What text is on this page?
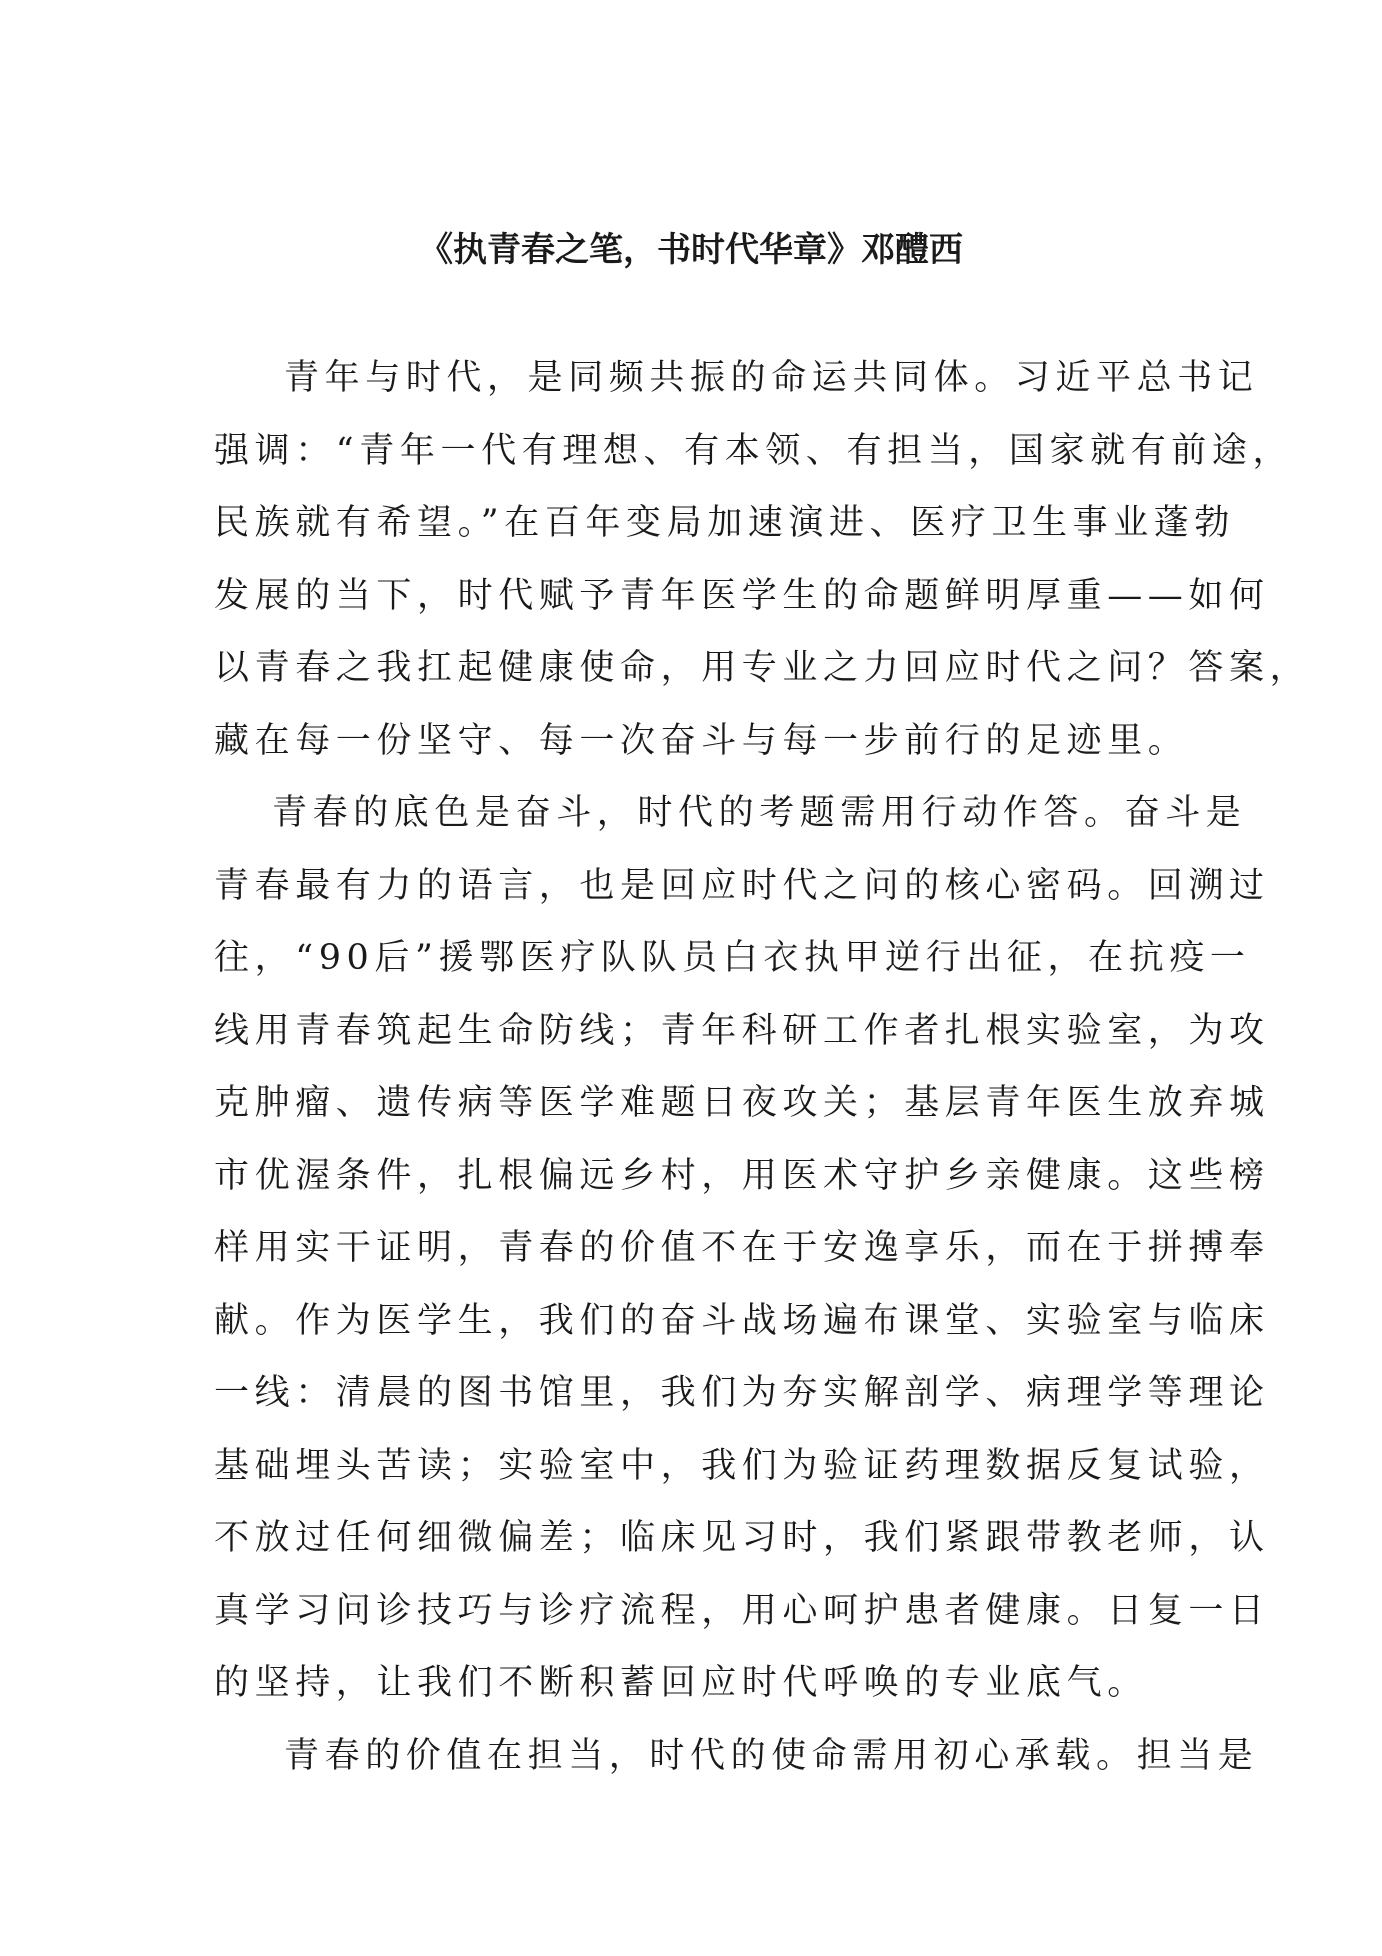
《执青春之笔，书时代华章》邓醴西
青年与时代，是同频共振的命运共同体。习近平总书记
强调：“青年一代有理想、有本领、有担当，国家就有前途，
民族就有希望。”在百年变局加速演进、医疗卫生事业蓬勃
发展的当下，时代赋予青年医学生的命题鲜明厚重——如何
以青春之我扛起健康使命，用专业之力回应时代之问？答案，
藏在每一份坚守、每一次奋斗与每一步前行的足迹里。
青春的底色是奋斗，时代的考题需用行动作答。奋斗是
青春最有力的语言，也是回应时代之问的核心密码。回溯过
往，“90后”援鄂医疗队队员白衣执甲逆行出征，在抗疫一
线用青春筑起生命防线；青年科研工作者扎根实验室，为攻
克肿瘤、遗传病等医学难题日夜攻关；基层青年医生放弃城
市优渥条件，扎根偏远乡村，用医术守护乡亲健康。这些榜
样用实干证明，青春的价值不在于安逸享乐，而在于拼搏奉
献。作为医学生，我们的奋斗战场遍布课堂、实验室与临床
一线：清晨的图书馆里，我们为夯实解剖学、病理学等理论
基础埋头苦读；实验室中，我们为验证药理数据反复试验，
不放过任何细微偏差；临床见习时，我们紧跟带教老师，认
真学习问诊技巧与诊疗流程，用心呵护患者健康。日复一日
的坚持，让我们不断积蓄回应时代呼唤的专业底气。
青春的价值在担当，时代的使命需用初心承载。担当是
